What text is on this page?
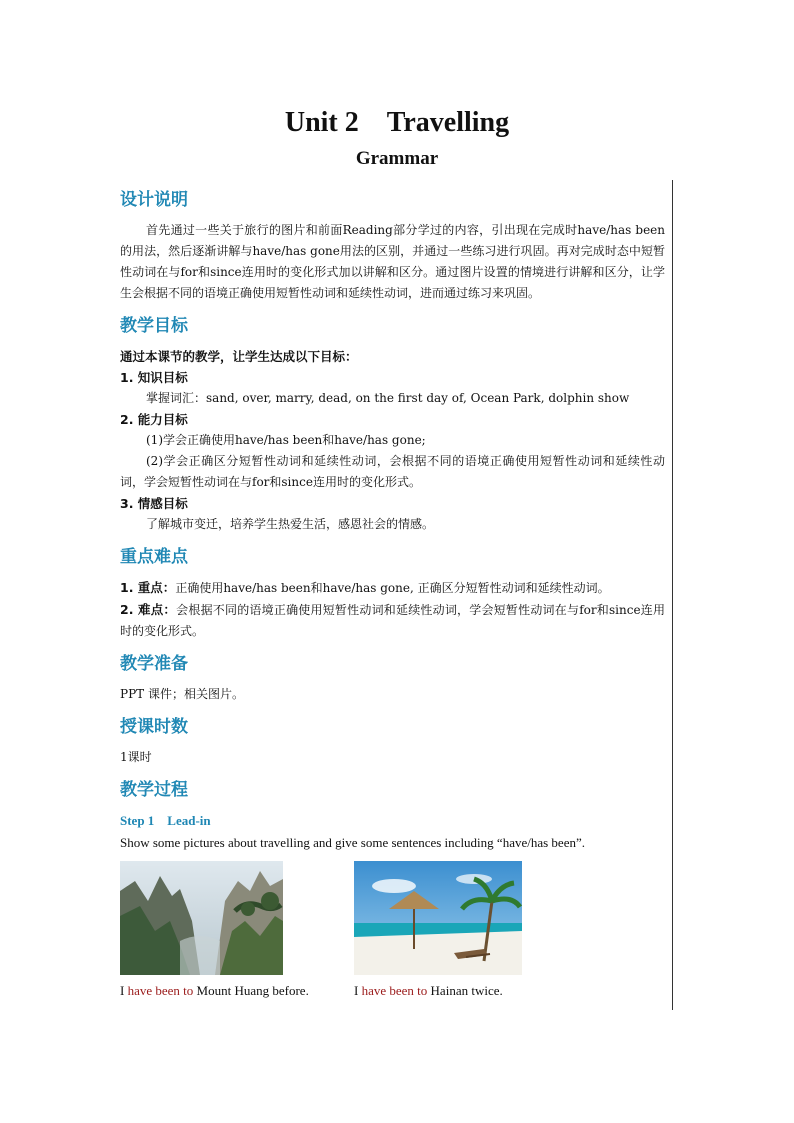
Unit 2　Travelling
Grammar
设计说明

首先通过一些关于旅行的图片和前面Reading部分学过的内容，引出现在完成时have/has been的用法，然后逐渐讲解与have/has gone用法的区别，并通过一些练习进行巩固。再对完成时态中短暂性动词在与for和since连用时的变化形式加以讲解和区分。通过图片设置的情境进行讲解和区分，让学生会根据不同的语境正确使用短暂性动词和延续性动词，进而通过练习来巩固。

教学目标

通过本课节的教学，让学生达成以下目标：

1. 知识目标

掌握词汇：sand, over, marry, dead, on the first day of, Ocean Park, dolphin show

2. 能力目标

(1)学会正确使用have/has been和have/has gone;

(2)学会正确区分短暂性动词和延续性动词，会根据不同的语境正确使用短暂性动词和延续性动词，学会短暂性动词在与for和since连用时的变化形式。

3. 情感目标

了解城市变迁，培养学生热爱生活，感恩社会的情感。

重点难点

1. 重点：正确使用have/has been和have/has gone, 正确区分短暂性动词和延续性动词。

2. 难点：会根据不同的语境正确使用短暂性动词和延续性动词，学会短暂性动词在与for和since连用时的变化形式。

教学准备

PPT 课件；相关图片。

授课时数

1课时

教学过程
Step 1　Lead-in

Show some pictures about travelling and give some sentences including “have/has been”.

I have been to Mount Huang before.	I have been to Hainan twice.
